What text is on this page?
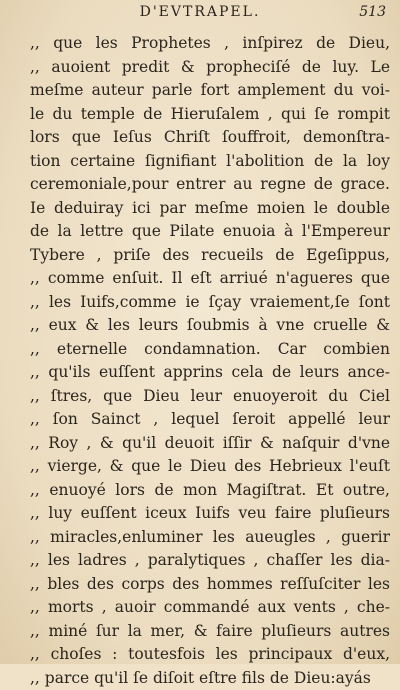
D'EVTRAPEL.	513
,, que les Prophetes , inſpirez de Dieu,
,, auoient predit & propheciſé de luy. Le
meſme auteur parle fort amplement du voi-
le du temple de Hieruſalem , qui ſe rompit
lors que Ieſus Chriſt ſouffroit, demonſtra-
tion certaine ſignifiant l'abolition de la loy
ceremoniale,pour entrer au regne de grace.
Ie deduiray ici par meſme moien le double
de la lettre que Pilate enuoia à l'Empereur
Tybere , priſe des recueils de Egeſippus,
,, comme enſuit. Il eſt arriué n'agueres que
,, les Iuifs,comme ie ſçay vraiement,ſe ſont
,, eux & les leurs ſoubmis à vne cruelle &
,, eternelle condamnation. Car combien
,, qu'ils euſſent apprins cela de leurs ance-
,, ſtres, que Dieu leur enuoyeroit du Ciel
,, ſon Sainct , lequel ſeroit appellé leur
,, Roy , & qu'il deuoit iſſir & naſquir d'vne
,, vierge, & que le Dieu des Hebrieux l'euſt
,, enuoyé lors de mon Magiſtrat. Et outre,
,, luy euſſent iceux Iuifs veu faire pluſieurs
,, miracles,enluminer les aueugles , guerir
,, les ladres , paralytiques , chaſſer les dia-
,, bles des corps des hommes reſſuſciter les
,, morts , auoir commandé aux vents , che-
,, miné ſur la mer, & faire pluſieurs autres
,, choſes : toutesfois les principaux d'eux,
,, parce qu'il ſe diſoit eſtre fils de Dieu:ayás
